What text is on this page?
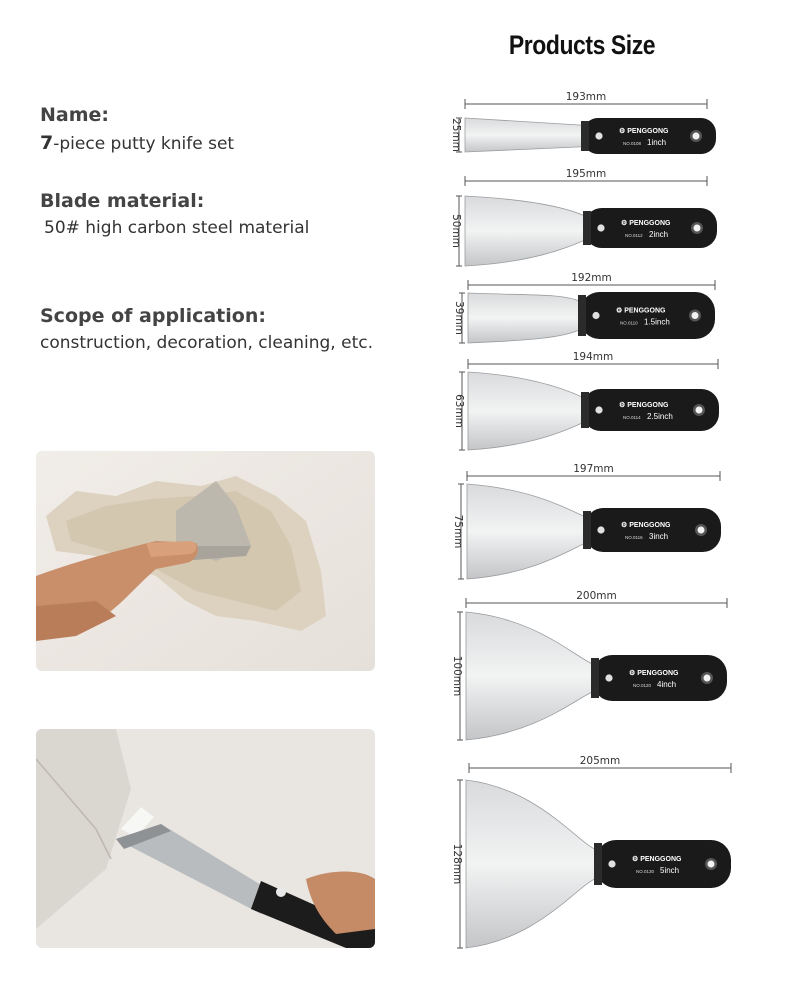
Products Size
Name:
7-piece putty knife set
Blade material:
50# high carbon steel material
Scope of application:
construction, decoration, cleaning, etc.
⚙ PENGGONG
NO.0108 1inch
193mm
25mm
⚙ PENGGONG
NO.0112 2inch
195mm
50mm
⚙ PENGGONG
NO.0110 1.5inch
192mm
39mm
⚙ PENGGONG
NO.0114 2.5inch
194mm
63mm
⚙ PENGGONG
NO.0116 3inch
197mm
75mm
⚙ PENGGONG
NO.0120 4inch
200mm
100mm
⚙ PENGGONG
NO.0130 5inch
205mm
128mm
